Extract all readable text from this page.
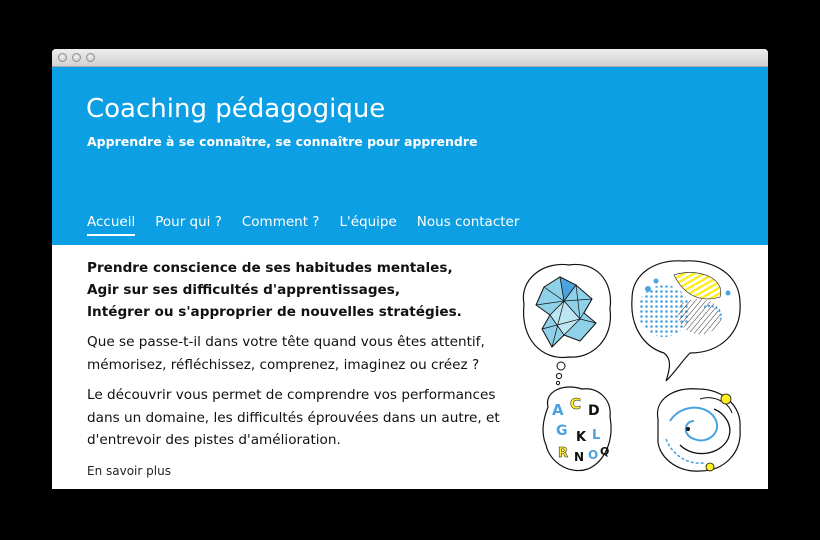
Coaching pédagogique
Apprendre à se connaître, se connaître pour apprendre
Accueil Pour qui ? Comment ? L'équipe Nous contacter

Prendre conscience de ses habitudes mentales,
Agir sur ses difficultés d'apprentissages,
Intégrer ou s'approprier de nouvelles stratégies.

Que se passe-t-il dans votre tête quand vous êtes attentif, mémorisez, réfléchissez, comprenez, imaginez ou créez ?

Le découvrir vous permet de comprendre vos performances dans un domaine, les difficultés éprouvées dans un autre, et d'entrevoir des pistes d'amélioration.

En savoir plus

A C D
G K L
R N O Q
